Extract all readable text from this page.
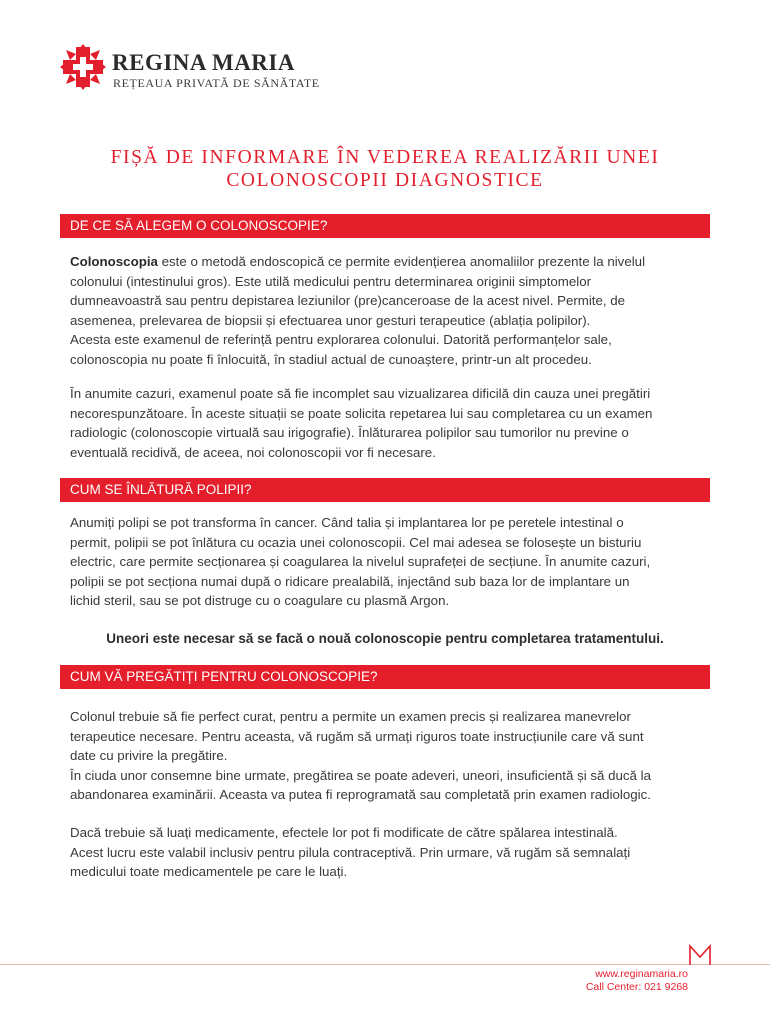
REGINA MARIA
REȚEAUA PRIVATĂ DE SĂNĂTATE
FIȘĂ DE INFORMARE ÎN VEDEREA REALIZĂRII UNEI
COLONOSCOPII DIAGNOSTICE
DE CE SĂ ALEGEM O COLONOSCOPIE?
Colonoscopia este o metodă endoscopică ce permite evidențierea anomaliilor prezente la nivelul
colonului (intestinului gros). Este utilă medicului pentru determinarea originii simptomelor
dumneavoastră sau pentru depistarea leziunilor (pre)canceroase de la acest nivel. Permite, de
asemenea, prelevarea de biopsii și efectuarea unor gesturi terapeutice (ablația polipilor).
Acesta este examenul de referință pentru explorarea colonului. Datorită performanțelor sale,
colonoscopia nu poate fi înlocuită, în stadiul actual de cunoaștere, printr-un alt procedeu.
În anumite cazuri, examenul poate să fie incomplet sau vizualizarea dificilă din cauza unei pregătiri
necorespunzătoare. În aceste situații se poate solicita repetarea lui sau completarea cu un examen
radiologic (colonoscopie virtuală sau irigografie). Înlăturarea polipilor sau tumorilor nu previne o
eventuală recidivă, de aceea, noi colonoscopii vor fi necesare.
CUM SE ÎNLĂTURĂ POLIPII?
Anumiți polipi se pot transforma în cancer. Când talia și implantarea lor pe peretele intestinal o
permit, polipii se pot înlătura cu ocazia unei colonoscopii. Cel mai adesea se folosește un bisturiu
electric, care permite secționarea și coagularea la nivelul suprafeței de secțiune. În anumite cazuri,
polipii se pot secționa numai după o ridicare prealabilă, injectând sub baza lor de implantare un
lichid steril, sau se pot distruge cu o coagulare cu plasmă Argon.

Uneori este necesar să se facă o nouă colonoscopie pentru completarea tratamentului.

CUM VĂ PREGĂTIȚI PENTRU COLONOSCOPIE?
Colonul trebuie să fie perfect curat, pentru a permite un examen precis și realizarea manevrelor
terapeutice necesare. Pentru aceasta, vă rugăm să urmați riguros toate instrucțiunile care vă sunt
date cu privire la pregătire.
În ciuda unor consemne bine urmate, pregătirea se poate adeveri, uneori, insuficientă și să ducă la
abandonarea examinării. Aceasta va putea fi reprogramată sau completată prin examen radiologic.
Dacă trebuie să luați medicamente, efectele lor pot fi modificate de către spălarea intestinală.
Acest lucru este valabil inclusiv pentru pilula contraceptivă. Prin urmare, vă rugăm să semnalați
medicului toate medicamentele pe care le luați.
www.reginamaria.ro
Call Center: 021 9268
